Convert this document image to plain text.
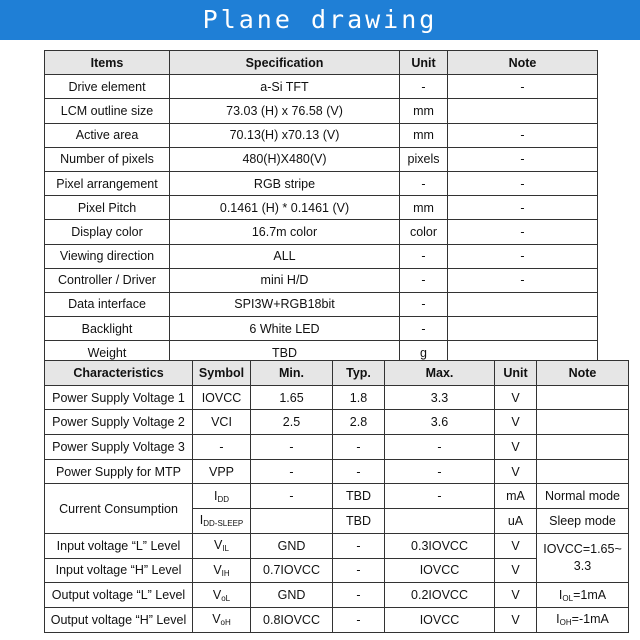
Plane drawing
Items	Specification	Unit	Note
Drive element	a-Si TFT	-	-
LCM outline size	73.03 (H) x 76.58 (V)	mm	
Active area	70.13(H) x70.13 (V)	mm	-
Number of pixels	480(H)X480(V)	pixels	-
Pixel arrangement	RGB stripe	-	-
Pixel Pitch	0.1461 (H) * 0.1461 (V)	mm	-
Display color	16.7m color	color	-
Viewing direction	ALL	-	-
Controller / Driver	mini H/D	-	-
Data interface	SPI3W+RGB18bit	-	
Backlight	6 White LED	-	
Weight	TBD	g	
Characteristics	Symbol	Min.	Typ.	Max.	Unit	Note
Power Supply Voltage 1	IOVCC	1.65	1.8	3.3	V	
Power Supply Voltage 2	VCI	2.5	2.8	3.6	V	
Power Supply Voltage 3	-	-	-	-	V	
Power Supply for MTP	VPP	-	-	-	V	
Current Consumption	$I_{DD}$	-	TBD	-	mA	Normal mode
	$I_{DD-SLEEP}$		TBD		uA	Sleep mode
Input voltage “L” Level	$V_{IL}$	GND	-	0.3IOVCC	V	IOVCC=1.65~ 3.3
Input voltage “H” Level	$V_{IH}$	0.7IOVCC	-	IOVCC	V	
Output voltage “L” Level	$V_{oL}$	GND	-	0.2IOVCC	V	$I_{OL}=1mA$
Output voltage “H” Level	$V_{oH}$	0.8IOVCC	-	IOVCC	V	$I_{OH}=-1mA$
